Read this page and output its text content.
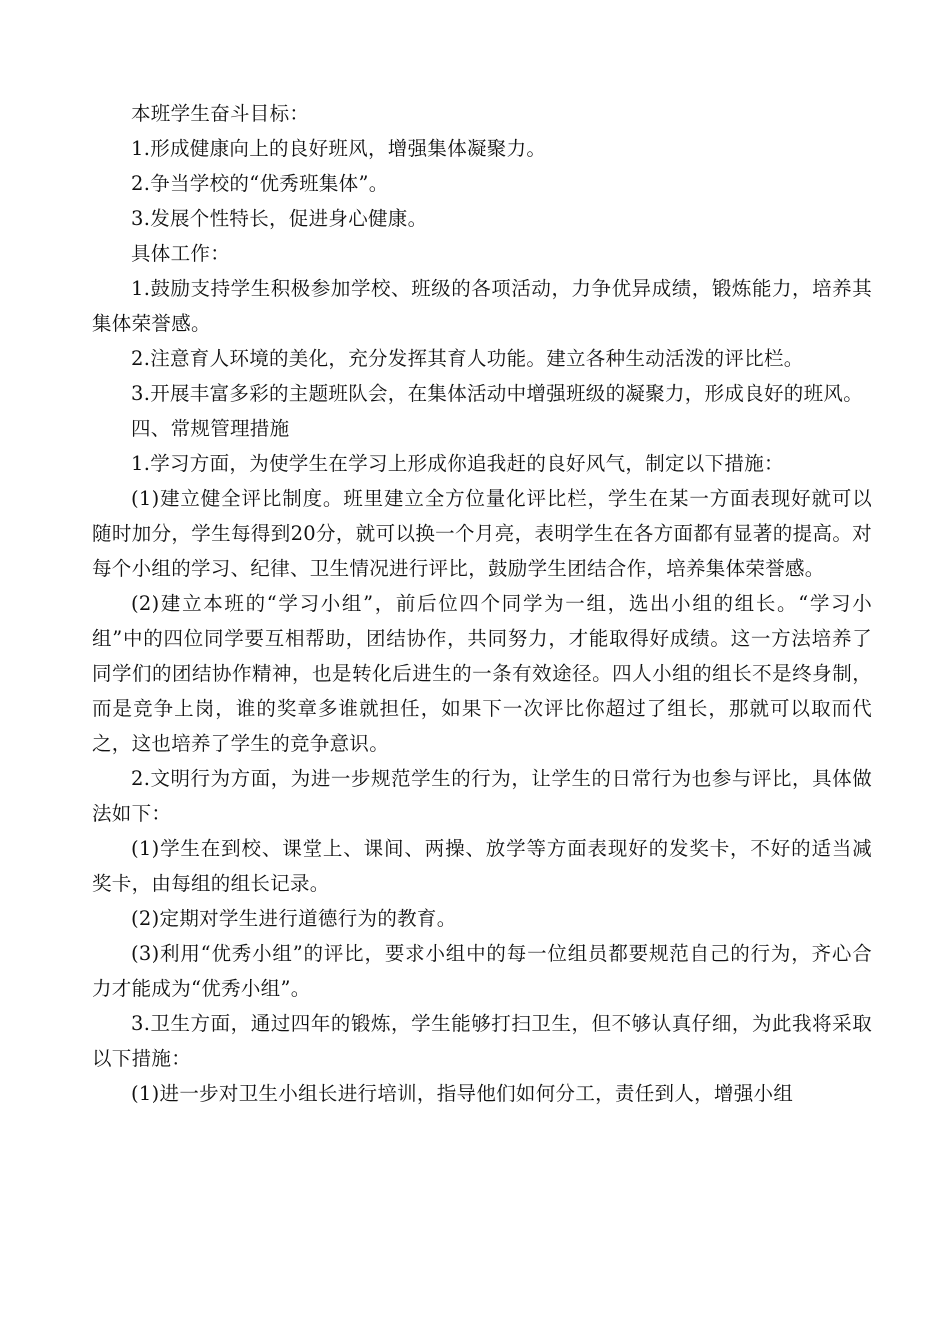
本班学生奋斗目标：

1.形成健康向上的良好班风，增强集体凝聚力。

2.争当学校的“优秀班集体”。

3.发展个性特长，促进身心健康。

具体工作：

1.鼓励支持学生积极参加学校、班级的各项活动，力争优异成绩，锻炼能力，培养其集体荣誉感。

2.注意育人环境的美化，充分发挥其育人功能。建立各种生动活泼的评比栏。

3.开展丰富多彩的主题班队会，在集体活动中增强班级的凝聚力，形成良好的班风。

四、常规管理措施

1.学习方面，为使学生在学习上形成你追我赶的良好风气，制定以下措施：

(1)建立健全评比制度。班里建立全方位量化评比栏，学生在某一方面表现好就可以随时加分，学生每得到20分，就可以换一个月亮，表明学生在各方面都有显著的提高。对每个小组的学习、纪律、卫生情况进行评比，鼓励学生团结合作，培养集体荣誉感。

(2)建立本班的“学习小组”，前后位四个同学为一组，选出小组的组长。“学习小组”中的四位同学要互相帮助，团结协作，共同努力，才能取得好成绩。这一方法培养了同学们的团结协作精神，也是转化后进生的一条有效途径。四人小组的组长不是终身制，而是竞争上岗，谁的奖章多谁就担任，如果下一次评比你超过了组长，那就可以取而代之，这也培养了学生的竞争意识。

2.文明行为方面，为进一步规范学生的行为，让学生的日常行为也参与评比，具体做法如下：

(1)学生在到校、课堂上、课间、两操、放学等方面表现好的发奖卡，不好的适当减奖卡，由每组的组长记录。

(2)定期对学生进行道德行为的教育。

(3)利用“优秀小组”的评比，要求小组中的每一位组员都要规范自己的行为，齐心合力才能成为“优秀小组”。

3.卫生方面，通过四年的锻炼，学生能够打扫卫生，但不够认真仔细，为此我将采取以下措施：

(1)进一步对卫生小组长进行培训，指导他们如何分工，责任到人，增强小组
